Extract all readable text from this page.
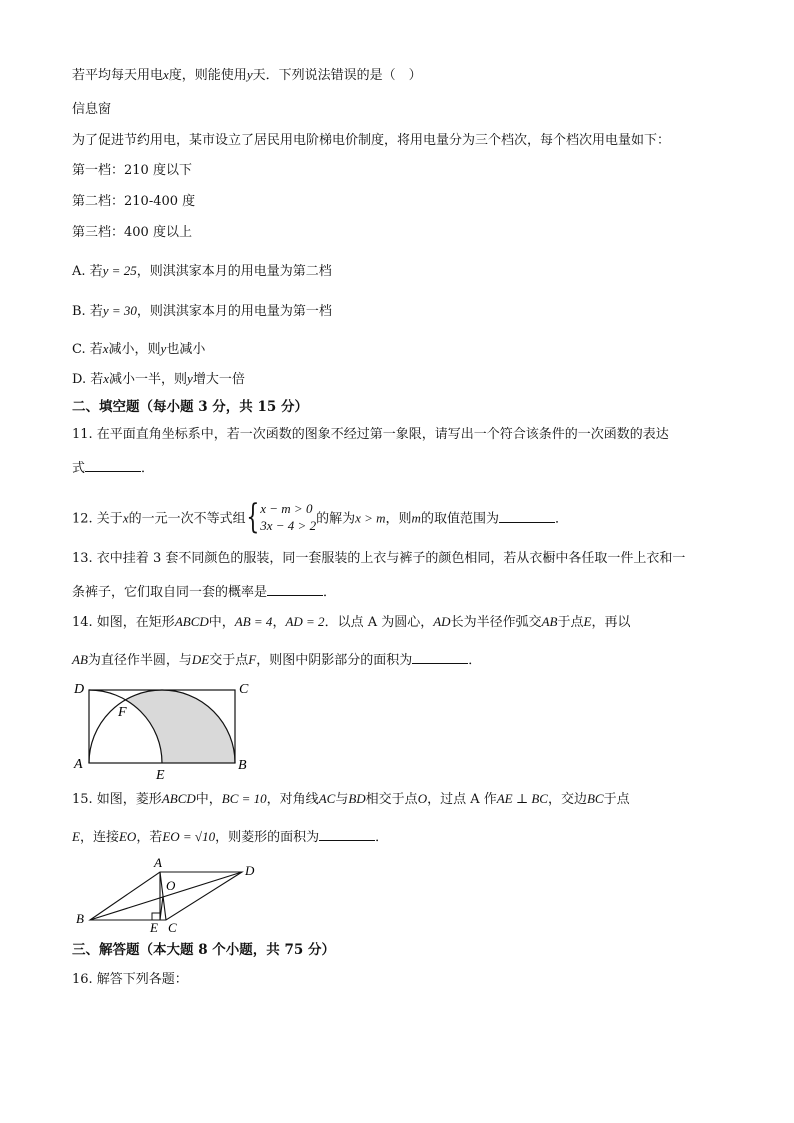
若平均每天用电x度，则能使用y天．下列说法错误的是（　）
信息窗
为了促进节约用电，某市设立了居民用电阶梯电价制度，将用电量分为三个档次，每个档次用电量如下：
第一档：210 度以下
第二档：210-400 度
第三档：400 度以上
A. 若y = 25，则淇淇家本月的用电量为第二档
B. 若y = 30，则淇淇家本月的用电量为第一档
C. 若x减小，则y也减小
D. 若x减小一半，则y增大一倍
二、填空题（每小题 3 分，共 15 分）
11. 在平面直角坐标系中，若一次函数的图象不经过第一象限，请写出一个符合该条件的一次函数的表达
式	．
12. 关于x的一元一次不等式组 { x − m > 0
3x − 4 > 2 的解为x > m，则m的取值范围为	．
13. 衣中挂着 3 套不同颜色的服装，同一套服装的上衣与裤子的颜色相同，若从衣橱中各任取一件上衣和一
条裤子，它们取自同一套的概率是	．
14. 如图，在矩形ABCD中，AB = 4，AD = 2．以点 A 为圆心，AD长为半径作弧交AB于点E，再以
AB为直径作半圆，与DE交于点F，则图中阴影部分的面积为	．
D	C
F
A
E
B
15. 如图，菱形ABCD中，BC = 10，对角线AC与BD相交于点O，过点 A 作AE ⊥ BC，交边BC于点
E，连接EO，若EO = √10，则菱形的面积为	．
A
D
O
B
E C
三、解答题（本大题 8 个小题，共 75 分）
16. 解答下列各题：
